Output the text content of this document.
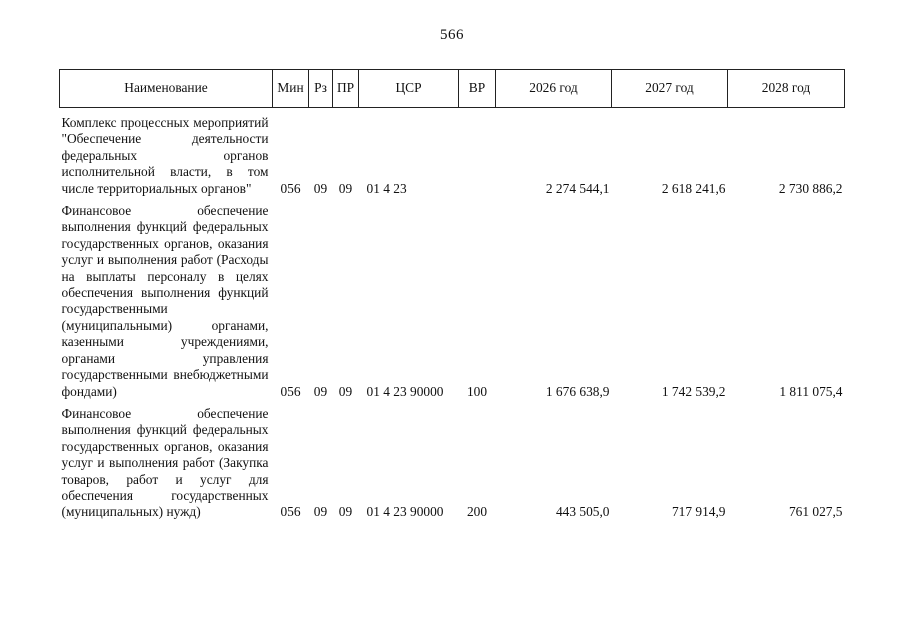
566
Наименование	Мин	Рз	ПР	ЦСР	ВР	2026 год	2027 год	2028 год
Комплекс процессных мероприятий "Обеспечение деятельности федеральных органов исполнительной власти, в том числе территориальных органов"	056	09	09	01 4 23		2 274 544,1	2 618 241,6	2 730 886,2
Финансовое обеспечение выполнения функций федеральных государственных органов, оказания услуг и выполнения работ (Расходы на выплаты персоналу в целях обеспечения выполнения функций государственными (муниципальными) органами, казенными учреждениями, органами управления государственными внебюджетными фондами)	056	09	09	01 4 23 90000	100	1 676 638,9	1 742 539,2	1 811 075,4
Финансовое обеспечение выполнения функций федеральных государственных органов, оказания услуг и выполнения работ (Закупка товаров, работ и услуг для обеспечения государственных (муниципальных) нужд)	056	09	09	01 4 23 90000	200	443 505,0	717 914,9	761 027,5
